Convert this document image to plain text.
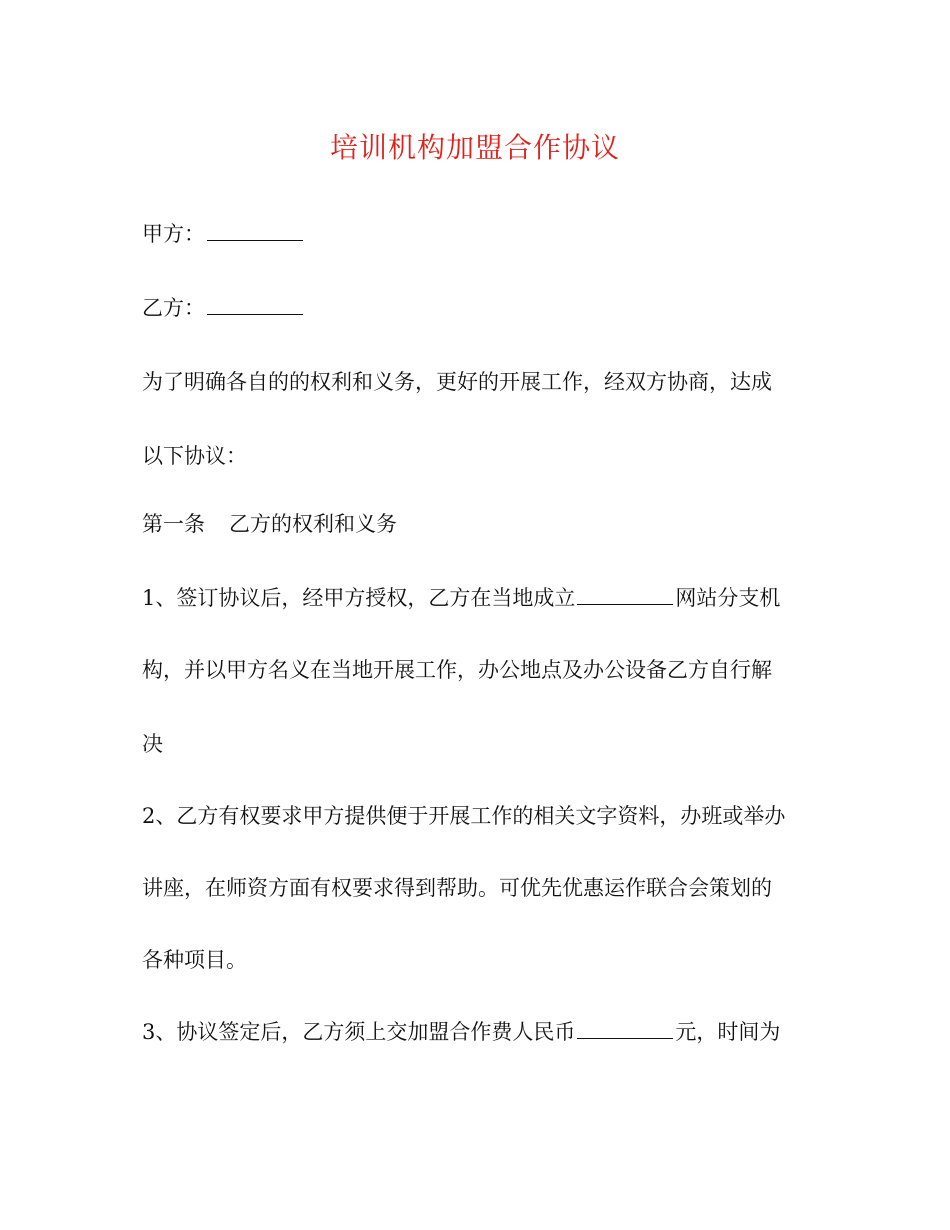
培训机构加盟合作协议
甲方：
乙方：
为了明确各自的的权利和义务，更好的开展工作，经双方协商，达成
以下协议：
第一条 乙方的权利和义务
1、签订协议后，经甲方授权，乙方在当地成立	网站分支机
构，并以甲方名义在当地开展工作，办公地点及办公设备乙方自行解
决
2、乙方有权要求甲方提供便于开展工作的相关文字资料，办班或举办
讲座，在师资方面有权要求得到帮助。可优先优惠运作联合会策划的
各种项目。
3、协议签定后，乙方须上交加盟合作费人民币	元，时间为
